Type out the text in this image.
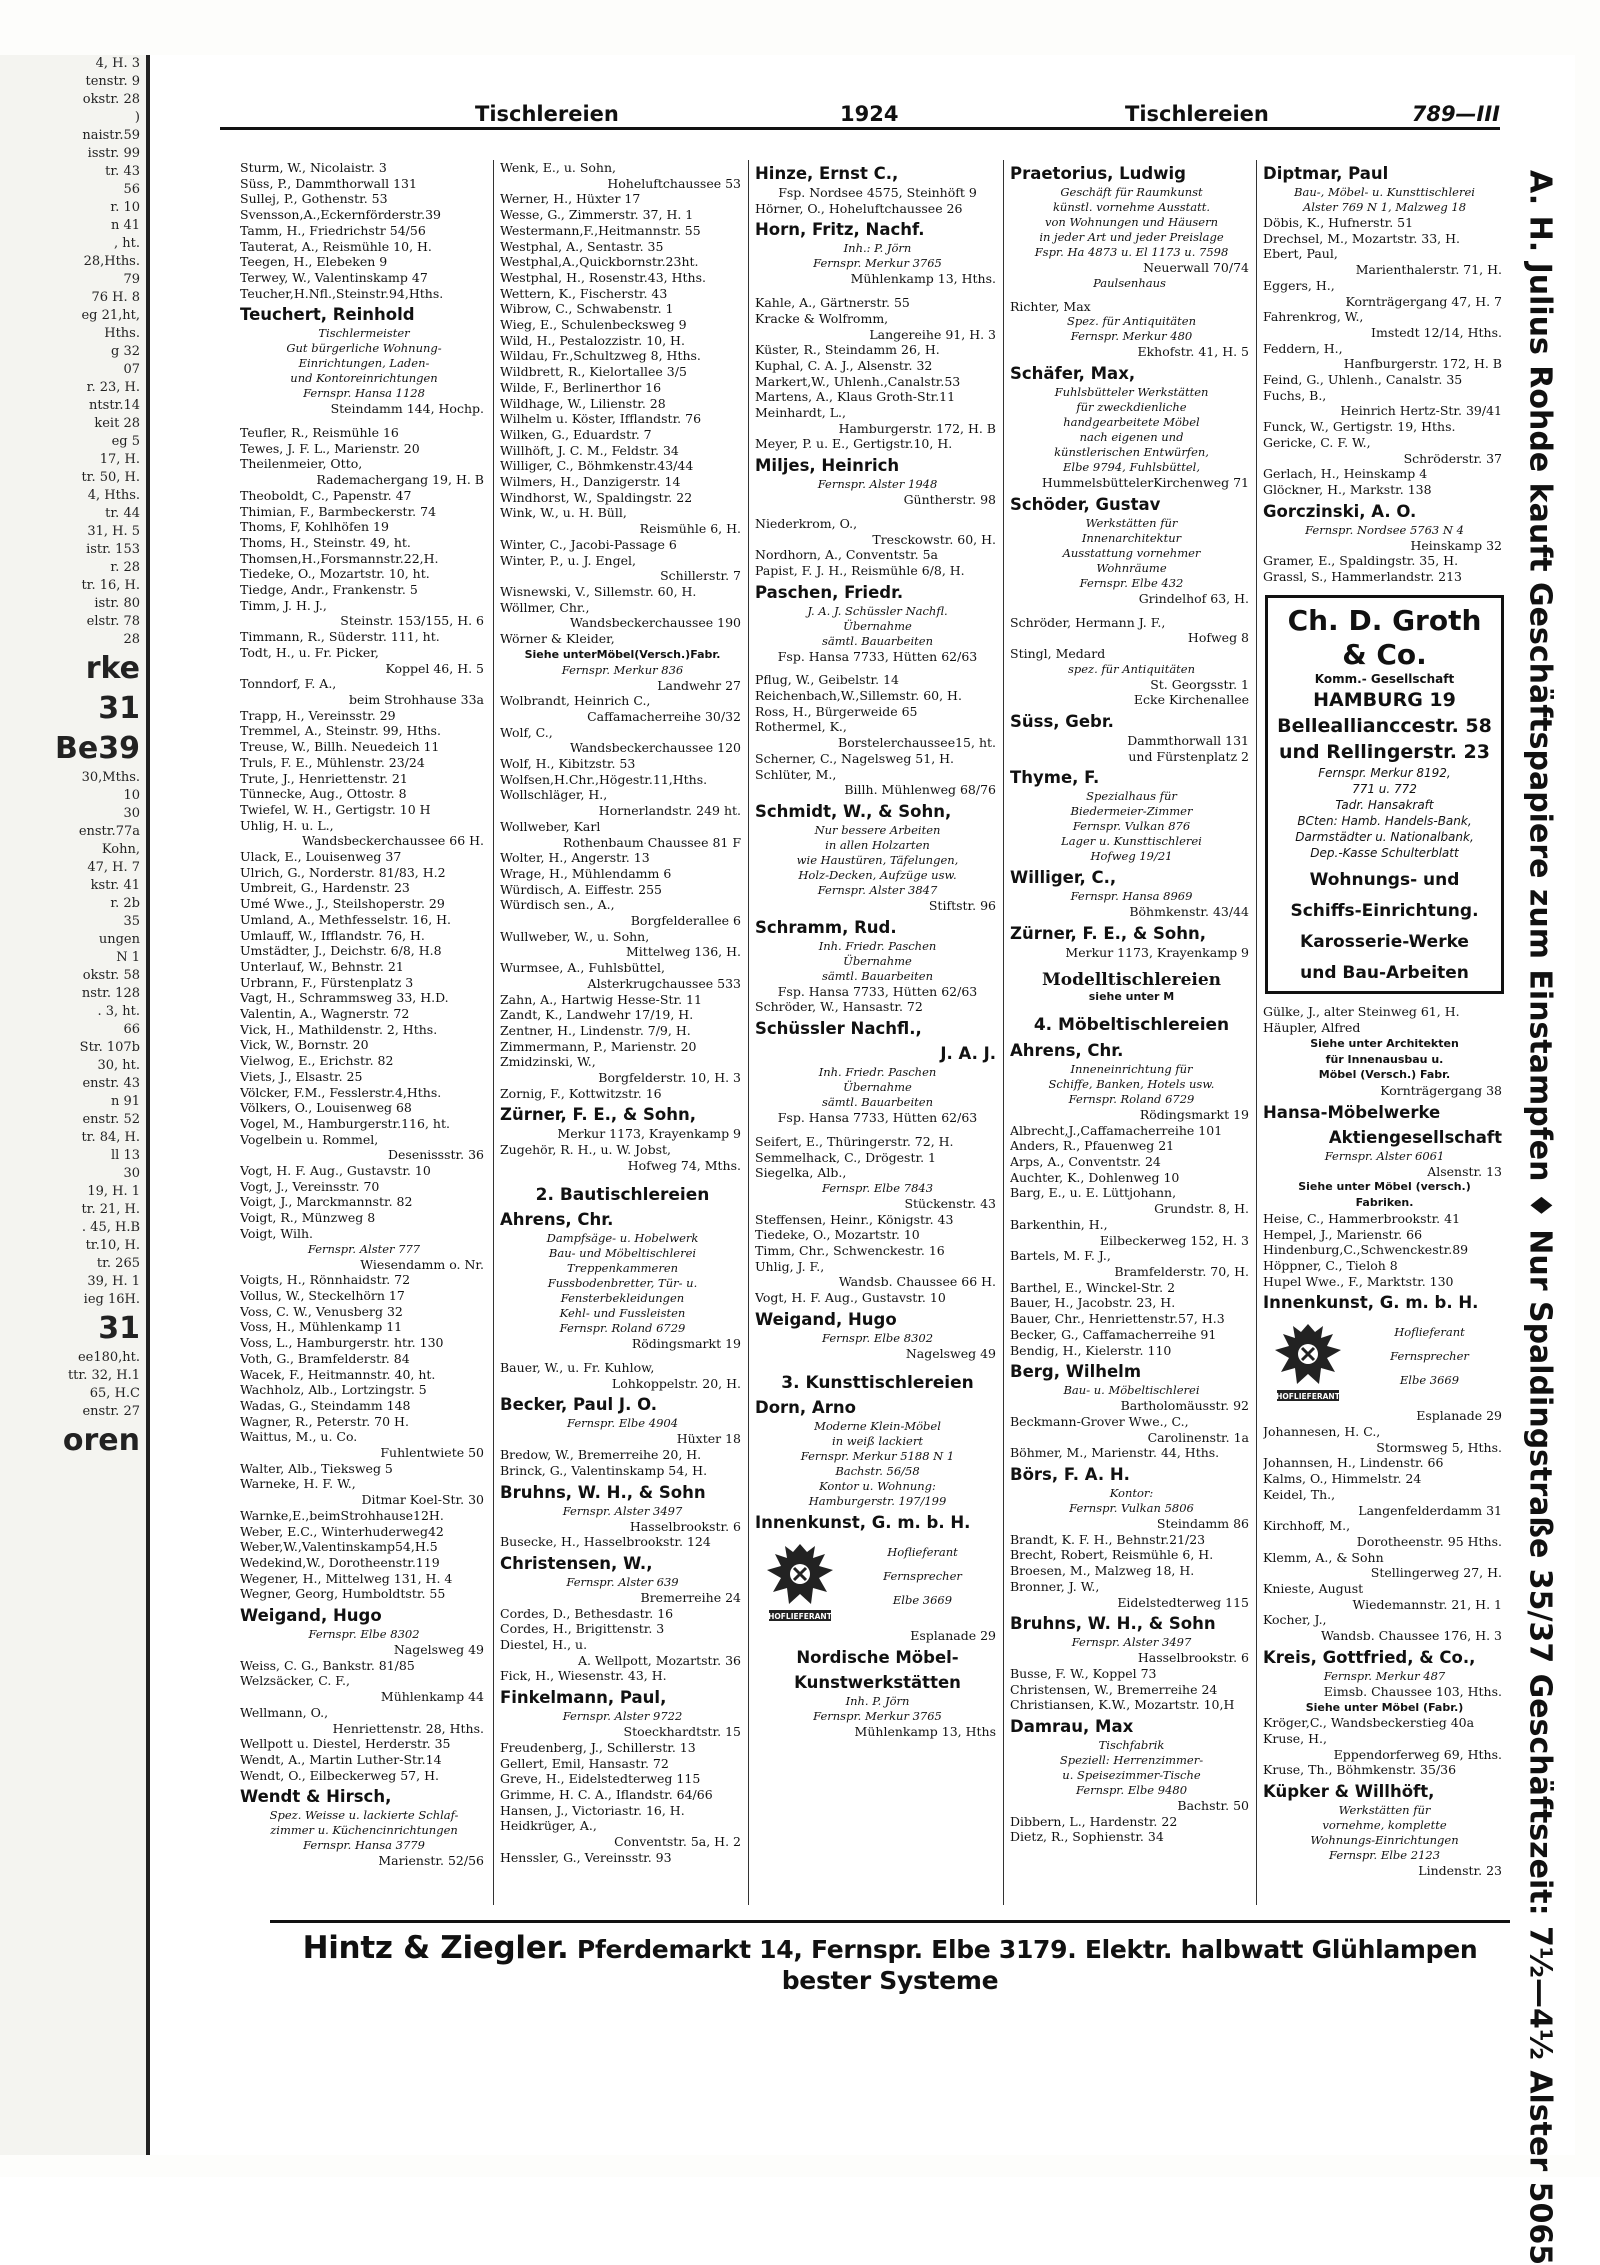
4, H. 3
tenstr. 9
okstr. 28
)
naistr.59
isstr. 99
tr. 43
56
r. 10
n 41
, ht.
28,Hths.
79
76 H. 8
eg 21,ht,
Hths.
g 32
07
r. 23, H.
ntstr.14
keit 28
eg 5
17, H.
tr. 50, H.
4, Hths.
tr. 44
31, H. 5
istr. 153
r. 28
tr. 16, H.
istr. 80
elstr. 78
28
rke
31
Be39
30,Mths.
10
30
enstr.77a
Kohn,
47, H. 7
kstr. 41
r. 2b
35
ungen
N 1
okstr. 58
nstr. 128
. 3, ht.
66
Str. 107b
30, ht.
enstr. 43
n 91
enstr. 52
tr. 84, H.
ll 13
30
19, H. 1
tr. 21, H.
. 45, H.B
tr.10, H.
tr. 265
39, H. 1
ieg 16H.
31
ee180,ht.
ttr. 32, H.1
65, H.C
enstr. 27
oren
Tischlereien	1924	Tischlereien	789—III
Sturm, W., Nicolaistr. 3
Süss, P., Dammthorwall 131
Sullej, P., Gothenstr. 53
Svensson,A.,Eckernförderstr.39
Tamm, H., Friedrichstr 54/56
Tauterat, A., Reismühle 10, H.
Teegen, H., Elebeken 9
Terwey, W., Valentinskamp 47
Teucher,H.Nfl.,Steinstr.94,Hths.
Teuchert, Reinhold
Tischlermeister
Gut bürgerliche Wohnung-
Einrichtungen, Laden-
und Kontoreinrichtungen
Fernspr. Hansa 1128
Steindamm 144, Hochp.
Teufler, R., Reismühle 16
Tewes, J. F. L., Marienstr. 20
Theilenmeier, Otto,
Rademachergang 19, H. B
Theoboldt, C., Papenstr. 47
Thimian, F., Barmbeckerstr. 74
Thoms, F, Kohlhöfen 19
Thoms, H., Steinstr. 49, ht.
Thomsen,H.,Forsmannstr.22,H.
Tiedeke, O., Mozartstr. 10, ht.
Tiedge, Andr., Frankenstr. 5
Timm, J. H. J.,
Steinstr. 153/155, H. 6
Timmann, R., Süderstr. 111, ht.
Todt, H., u. Fr. Picker,
Koppel 46, H. 5
Tonndorf, F. A.,
beim Strohhause 33a
Trapp, H., Vereinsstr. 29
Tremmel, A., Steinstr. 99, Hths.
Treuse, W., Billh. Neuedeich 11
Truls, F. E., Mühlenstr. 23/24
Trute, J., Henriettenstr. 21
Tünnecke, Aug., Ottostr. 8
Twiefel, W. H., Gertigstr. 10 H
Uhlig, H. u. L.,
Wandsbeckerchaussee 66 H.
Ulack, E., Louisenweg 37
Ulrich, G., Norderstr. 81/83, H.2
Umbreit, G., Hardenstr. 23
Umé Wwe., J., Steilshoperstr. 29
Umland, A., Methfesselstr. 16, H.
Umlauff, W., Ifflandstr. 76, H.
Umstädter, J., Deichstr. 6/8, H.8
Unterlauf, W., Behnstr. 21
Urbrann, F., Fürstenplatz 3
Vagt, H., Schrammsweg 33, H.D.
Valentin, A., Wagnerstr. 72
Vick, H., Mathildenstr. 2, Hths.
Vick, W., Bornstr. 20
Vielwog, E., Erichstr. 82
Viets, J., Elsastr. 25
Völcker, F.M., Fesslerstr.4,Hths.
Völkers, O., Louisenweg 68
Vogel, M., Hamburgerstr.116, ht.
Vogelbein u. Rommel,
Desenissstr. 36
Vogt, H. F. Aug., Gustavstr. 10
Vogt, J., Vereinsstr. 70
Voigt, J., Marckmannstr. 82
Voigt, R., Münzweg 8
Voigt, Wilh.
Fernspr. Alster 777
Wiesendamm o. Nr.
Voigts, H., Rönnhaidstr. 72
Vollus, W., Steckelhörn 17
Voss, C. W., Venusberg 32
Voss, H., Mühlenkamp 11
Voss, L., Hamburgerstr. htr. 130
Voth, G., Bramfelderstr. 84
Wacek, F., Heitmannstr. 40, ht.
Wachholz, Alb., Lortzingstr. 5
Wadas, G., Steindamm 148
Wagner, R., Peterstr. 70 H.
Waittus, M., u. Co.
Fuhlentwiete 50
Walter, Alb., Tieksweg 5
Warneke, H. F. W.,
Ditmar Koel-Str. 30
Warnke,E.,beimStrohhause12H.
Weber, E.C., Winterhuderweg42
Weber,W.,Valentinskamp54,H.5
Wedekind,W., Dorotheenstr.119
Wegener, H., Mittelweg 131, H. 4
Wegner, Georg, Humboldtstr. 55
Weigand, Hugo
Fernspr. Elbe 8302
Nagelsweg 49
Weiss, C. G., Bankstr. 81/85
Welzsäcker, C. F.,
Mühlenkamp 44
Wellmann, O.,
Henriettenstr. 28, Hths.
Wellpott u. Diestel, Herderstr. 35
Wendt, A., Martin Luther-Str.14
Wendt, O., Eilbeckerweg 57, H.
Wendt & Hirsch,
Spez. Weisse u. lackierte Schlaf-
zimmer u. Küchencinrichtungen
Fernspr. Hansa 3779
Marienstr. 52/56
Wenk, E., u. Sohn,
Hoheluftchaussee 53
Werner, H., Hüxter 17
Wesse, G., Zimmerstr. 37, H. 1
Westermann,F.,Heitmannstr. 55
Westphal, A., Sentastr. 35
Westphal,A.,Quickbornstr.23ht.
Westphal, H., Rosenstr.43, Hths.
Wettern, K., Fischerstr. 43
Wibrow, C., Schwabenstr. 1
Wieg, E., Schulenbecksweg 9
Wild, H., Pestalozzistr. 10, H.
Wildau, Fr.,Schultzweg 8, Hths.
Wildbrett, R., Kielortallee 3/5
Wilde, F., Berlinerthor 16
Wildhage, W., Lilienstr. 28
Wilhelm u. Köster, Ifflandstr. 76
Wilken, G., Eduardstr. 7
Willhöft, J. C. M., Feldstr. 34
Williger, C., Böhmkenstr.43/44
Wilmers, H., Danzigerstr. 14
Windhorst, W., Spaldingstr. 22
Wink, W., u. H. Büll,
Reismühle 6, H.
Winter, C., Jacobi-Passage 6
Winter, P., u. J. Engel,
Schillerstr. 7
Wisnewski, V., Sillemstr. 60, H.
Wöllmer, Chr.,
Wandsbeckerchaussee 190
Wörner & Kleider,
Siehe unterMöbel(Versch.)Fabr.
Fernspr. Merkur 836
Landwehr 27
Wolbrandt, Heinrich C.,
Caffamacherreihe 30/32
Wolf, C.,
Wandsbeckerchaussee 120
Wolf, H., Kibitzstr. 53
Wolfsen,H.Chr.,Högestr.11,Hths.
Wollschläger, H.,
Hornerlandstr. 249 ht.
Wollweber, Karl
Rothenbaum Chaussee 81 F
Wolter, H., Angerstr. 13
Wrage, H., Mühlendamm 6
Würdisch, A. Eiffestr. 255
Würdisch sen., A.,
Borgfelderallee 6
Wullweber, W., u. Sohn,
Mittelweg 136, H.
Wurmsee, A., Fuhlsbüttel,
Alsterkrugchaussee 533
Zahn, A., Hartwig Hesse-Str. 11
Zandt, K., Landwehr 17/19, H.
Zentner, H., Lindenstr. 7/9, H.
Zimmermann, P., Marienstr. 20
Zmidzinski, W.,
Borgfelderstr. 10, H. 3
Zornig, F., Kottwitzstr. 16
Zürner, F. E., & Sohn,
Merkur 1173, Krayenkamp 9
Zugehör, R. H., u. W. Jobst,
Hofweg 74, Mths.
2. Bautischlereien
Ahrens, Chr.
Dampfsäge- u. Hobelwerk
Bau- und Möbeltischlerei
Treppenkammeren
Fussbodenbretter, Tür- u.
Fensterbekleidungen
Kehl- und Fussleisten
Fernspr. Roland 6729
Rödingsmarkt 19
Bauer, W., u. Fr. Kuhlow,
Lohkoppelstr. 20, H.
Becker, Paul J. O.
Fernspr. Elbe 4904
Hüxter 18
Bredow, W., Bremerreihe 20, H.
Brinck, G., Valentinskamp 54, H.
Bruhns, W. H., & Sohn
Fernspr. Alster 3497
Hasselbrookstr. 6
Busecke, H., Hasselbrookstr. 124
Christensen, W.,
Fernspr. Alster 639
Bremerreihe 24
Cordes, D., Bethesdastr. 16
Cordes, H., Brigittenstr. 3
Diestel, H., u.
A. Wellpott, Mozartstr. 36
Fick, H., Wiesenstr. 43, H.
Finkelmann, Paul,
Fernspr. Alster 9722
Stoeckhardtstr. 15
Freudenberg, J., Schillerstr. 13
Gellert, Emil, Hansastr. 72
Greve, H., Eidelstedterweg 115
Grimme, H. C. A., Iflandstr. 64/66
Hansen, J., Victoriastr. 16, H.
Heidkrüger, A.,
Conventstr. 5a, H. 2
Henssler, G., Vereinsstr. 93
Hinze, Ernst C.,
Fsp. Nordsee 4575, Steinhöft 9
Hörner, O., Hoheluftchaussee 26
Horn, Fritz, Nachf.
Inh.: P. Jörn
Fernspr. Merkur 3765
Mühlenkamp 13, Hths.
Kahle, A., Gärtnerstr. 55
Kracke & Wolfromm,
Langereihe 91, H. 3
Küster, R., Steindamm 26, H.
Kuphal, C. A. J., Alsenstr. 32
Markert,W., Uhlenh.,Canalstr.53
Martens, A., Klaus Groth-Str.11
Meinhardt, L.,
Hamburgerstr. 172, H. B
Meyer, P. u. E., Gertigstr.10, H.
Miljes, Heinrich
Fernspr. Alster 1948
Güntherstr. 98
Niederkrom, O.,
Tresckowstr. 60, H.
Nordhorn, A., Conventstr. 5a
Papist, F. J. H., Reismühle 6/8, H.
Paschen, Friedr.
J. A. J. Schüssler Nachfl.
Übernahme
sämtl. Bauarbeiten
Fsp. Hansa 7733, Hütten 62/63
Pflug, W., Geibelstr. 14
Reichenbach,W.,Sillemstr. 60, H.
Ross, H., Bürgerweide 65
Rothermel, K.,
Borstelerchaussee15, ht.
Scherner, C., Nagelsweg 51, H.
Schlüter, M.,
Billh. Mühlenweg 68/76
Schmidt, W., & Sohn,
Nur bessere Arbeiten
in allen Holzarten
wie Haustüren, Täfelungen,
Holz-Decken, Aufzüge usw.
Fernspr. Alster 3847
Stiftstr. 96
Schramm, Rud.
Inh. Friedr. Paschen
Übernahme
sämtl. Bauarbeiten
Fsp. Hansa 7733, Hütten 62/63
Schröder, W., Hansastr. 72
Schüssler Nachfl.,
J. A. J.
Inh. Friedr. Paschen
Übernahme
sämtl. Bauarbeiten
Fsp. Hansa 7733, Hütten 62/63
Seifert, E., Thüringerstr. 72, H.
Semmelhack, C., Drögestr. 1
Siegelka, Alb.,
Fernspr. Elbe 7843
Stückenstr. 43
Steffensen, Heinr., Königstr. 43
Tiedeke, O., Mozartstr. 10
Timm, Chr., Schwenckestr. 16
Uhlig, J. F.,
Wandsb. Chaussee 66 H.
Vogt, H. F. Aug., Gustavstr. 10
Weigand, Hugo
Fernspr. Elbe 8302
Nagelsweg 49
3. Kunsttischlereien
Dorn, Arno
Moderne Klein-Möbel
in weiß lackiert
Fernspr. Merkur 5188 N 1
Bachstr. 56/58
Kontor u. Wohnung:
Hamburgerstr. 197/199
Innenkunst, G. m. b. H.
HOFLIEFERANT
Hoflieferant
Fernsprecher
Elbe 3669
Esplanade 29
Nordische Möbel-
Kunstwerkstätten
Inh. P. Jörn
Fernspr. Merkur 3765
Mühlenkamp 13, Hths
Praetorius, Ludwig
Geschäft für Raumkunst
künstl. vornehme Ausstatt.
von Wohnungen und Häusern
in jeder Art und jeder Preislage
Fspr. Ha 4873 u. El 1173 u. 7598
Neuerwall 70/74
Paulsenhaus
Richter, Max
Spez. für Antiquitäten
Fernspr. Merkur 480
Ekhofstr. 41, H. 5
Schäfer, Max,
Fuhlsbütteler Werkstätten
für zweckdienliche
handgearbeitete Möbel
nach eigenen und
künstlerischen Entwürfen,
Elbe 9794, Fuhlsbüttel,
HummelsbüttelerKirchenweg 71
Schöder, Gustav
Werkstätten für
Innenarchitektur
Ausstattung vornehmer
Wohnräume
Fernspr. Elbe 432
Grindelhof 63, H.
Schröder, Hermann J. F.,
Hofweg 8
Stingl, Medard
spez. für Antiquitäten
St. Georgsstr. 1
Ecke Kirchenallee
Süss, Gebr.
Dammthorwall 131
und Fürstenplatz 2
Thyme, F.
Spezialhaus für
Biedermeier-Zimmer
Fernspr. Vulkan 876
Lager u. Kunsttischlerei
Hofweg 19/21
Williger, C.,
Fernspr. Hansa 8969
Böhmkenstr. 43/44
Zürner, F. E., & Sohn,
Merkur 1173, Krayenkamp 9
Modelltischlereien
siehe unter M
4. Möbeltischlereien
Ahrens, Chr.
Inneneinrichtung für
Schiffe, Banken, Hotels usw.
Fernspr. Roland 6729
Rödingsmarkt 19
Albrecht,J.,Caffamacherreihe 101
Anders, R., Pfauenweg 21
Arps, A., Conventstr. 24
Auchter, K., Dohlenweg 10
Barg, E., u. E. Lüttjohann,
Grundstr. 8, H.
Barkenthin, H.,
Eilbeckerweg 152, H. 3
Bartels, M. F. J.,
Bramfelderstr. 70, H.
Barthel, E., Winckel-Str. 2
Bauer, H., Jacobstr. 23, H.
Bauer, Chr., Henriettenstr.57, H.3
Becker, G., Caffamacherreihe 91
Bendig, H., Kielerstr. 110
Berg, Wilhelm
Bau- u. Möbeltischlerei
Bartholomäusstr. 92
Beckmann-Grover Wwe., C.,
Carolinenstr. 1a
Böhmer, M., Marienstr. 44, Hths.
Börs, F. A. H.
Kontor:
Fernspr. Vulkan 5806
Steindamm 86
Brandt, K. F. H., Behnstr.21/23
Brecht, Robert, Reismühle 6, H.
Broesen, M., Malzweg 18, H.
Bronner, J. W.,
Eidelstedterweg 115
Bruhns, W. H., & Sohn
Fernspr. Alster 3497
Hasselbrookstr. 6
Busse, F. W., Koppel 73
Christensen, W., Bremerreihe 24
Christiansen, K.W., Mozartstr. 10,H
Damrau, Max
Tischfabrik
Speziell: Herrenzimmer-
u. Speisezimmer-Tische
Fernspr. Elbe 9480
Bachstr. 50
Dibbern, L., Hardenstr. 22
Dietz, R., Sophienstr. 34
Diptmar, Paul
Bau-, Möbel- u. Kunsttischlerei
Alster 769 N 1, Malzweg 18
Döbis, K., Hufnerstr. 51
Drechsel, M., Mozartstr. 33, H.
Ebert, Paul,
Marienthalerstr. 71, H.
Eggers, H.,
Kornträgergang 47, H. 7
Fahrenkrog, W.,
Imstedt 12/14, Hths.
Feddern, H.,
Hanfburgerstr. 172, H. B
Feind, G., Uhlenh., Canalstr. 35
Fuchs, B.,
Heinrich Hertz-Str. 39/41
Funck, W., Gertigstr. 19, Hths.
Gericke, C. F. W.,
Schröderstr. 37
Gerlach, H., Heinskamp 4
Glöckner, H., Markstr. 138
Gorczinski, A. O.
Fernspr. Nordsee 5763 N 4
Heinskamp 32
Gramer, E., Spaldingstr. 35, H.
Grassl, S., Hammerlandstr. 213
Ch. D. Groth & Co.
Komm.- Gesellschaft
HAMBURG 19
Belleallianccestr. 58
und Rellingerstr. 23
Fernspr. Merkur 8192,
771 u. 772
Tadr. Hansakraft
BCten: Hamb. Handels-Bank,
Darmstädter u. Nationalbank,
Dep.-Kasse Schulterblatt
Wohnungs- und
Schiffs-Einrichtung.
Karosserie-Werke
und Bau-Arbeiten
Gülke, J., alter Steinweg 61, H.
Häupler, Alfred
Siehe unter Architekten
für Innenausbau u.
Möbel (Versch.) Fabr.
Kornträgergang 38
Hansa-Möbelwerke
Aktiengesellschaft
Fernspr. Alster 6061
Alsenstr. 13
Siehe unter Möbel (versch.)
Fabriken.
Heise, C., Hammerbrookstr. 41
Hempel, J., Marienstr. 66
Hindenburg,C.,Schwenckestr.89
Höppner, C., Tieloh 8
Hupel Wwe., F., Marktstr. 130
Innenkunst, G. m. b. H.
HOFLIEFERANT
Hoflieferant
Fernsprecher
Elbe 3669
Esplanade 29
Johannesen, H. C.,
Stormsweg 5, Hths.
Johannsen, H., Lindenstr. 66
Kalms, O., Himmelstr. 24
Keidel, Th.,
Langenfelderdamm 31
Kirchhoff, M.,
Dorotheenstr. 95 Hths.
Klemm, A., & Sohn
Stellingerweg 27, H.
Knieste, August
Wiedemannstr. 21, H. 1
Kocher, J.,
Wandsb. Chaussee 176, H. 3
Kreis, Gottfried, & Co.,
Fernspr. Merkur 487
Eimsb. Chaussee 103, Hths.
Siehe unter Möbel (Fabr.)
Kröger,C., Wandsbeckerstieg 40a
Kruse, H.,
Eppendorferweg 69, Hths.
Kruse, Th., Böhmkenstr. 35/36
Küpker & Willhöft,
Werkstätten für
vornehme, komplette
Wohnungs-Einrichtungen
Fernspr. Elbe 2123
Lindenstr. 23 A. H. Julius Rohde kauft Geschäftspapiere zum Einstampfen ♦ Nur Spaldingstraße 35/37 Geschäftszeit: 7½—4½ Alster 5065
Hintz & Ziegler. Pferdemarkt 14, Fernspr. Elbe 3179. Elektr. halbwatt Glühlampen bester Systeme
